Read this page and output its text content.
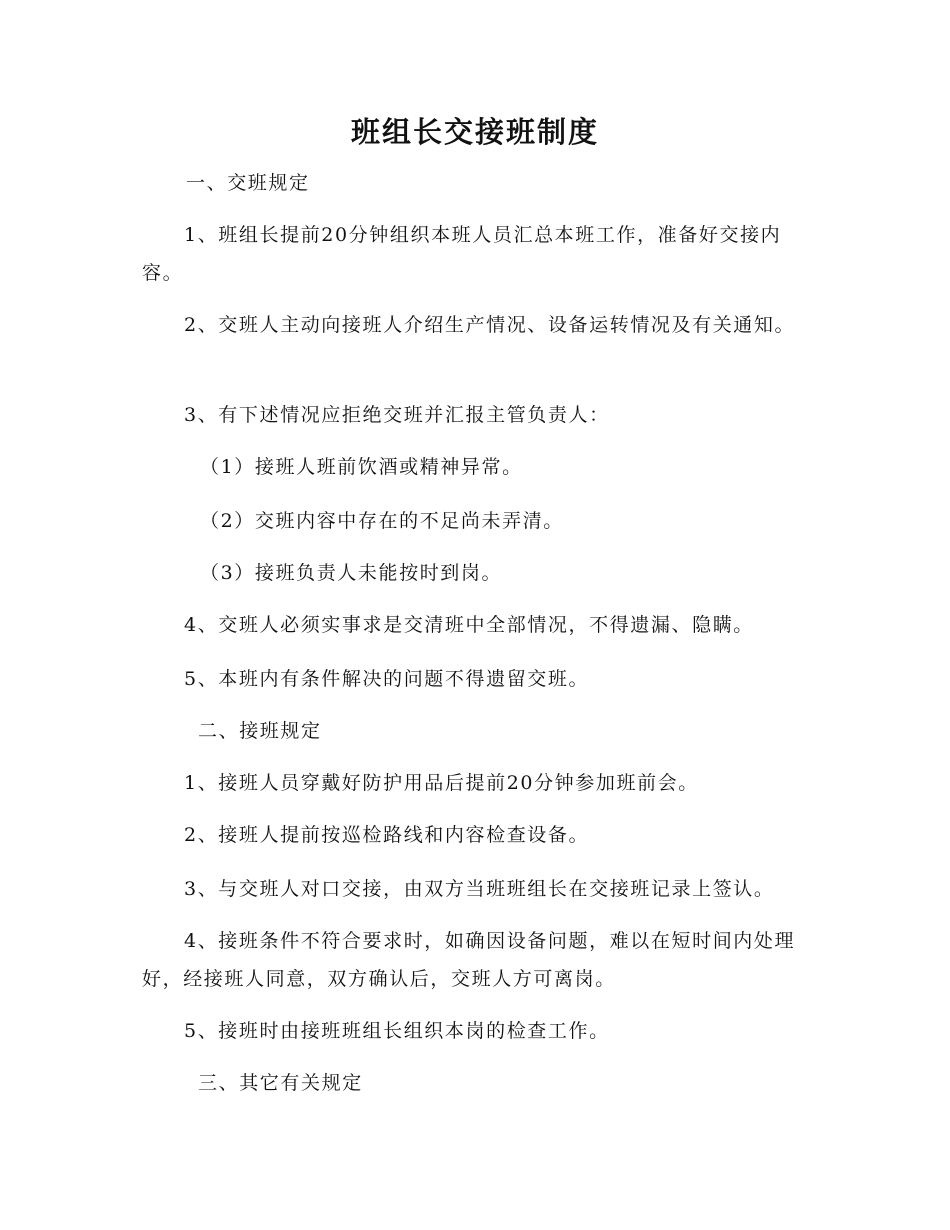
班组长交接班制度
一、交班规定
1、班组长提前20分钟组织本班人员汇总本班工作，准备好交接内容。
2、交班人主动向接班人介绍生产情况、设备运转情况及有关通知。
3、有下述情况应拒绝交班并汇报主管负责人：
（1）接班人班前饮酒或精神异常。
（2）交班内容中存在的不足尚未弄清。
（3）接班负责人未能按时到岗。
4、交班人必须实事求是交清班中全部情况，不得遗漏、隐瞒。
5、本班内有条件解决的问题不得遗留交班。
二、接班规定
1、接班人员穿戴好防护用品后提前20分钟参加班前会。
2、接班人提前按巡检路线和内容检查设备。
3、与交班人对口交接，由双方当班班组长在交接班记录上签认。
4、接班条件不符合要求时，如确因设备问题，难以在短时间内处理好，经接班人同意，双方确认后，交班人方可离岗。
5、接班时由接班班组长组织本岗的检查工作。
三、其它有关规定
